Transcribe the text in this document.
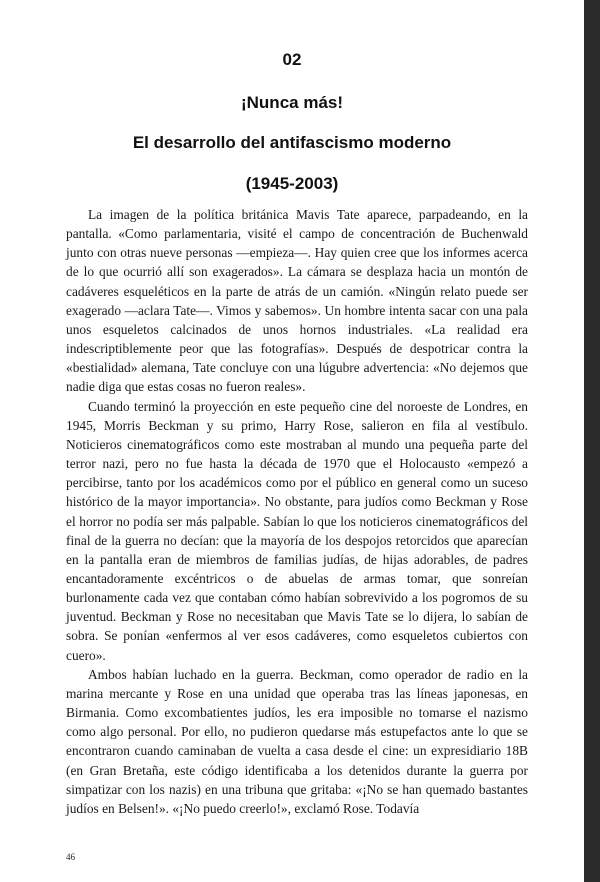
02
¡Nunca más!
El desarrollo del antifascismo moderno
(1945-2003)

La imagen de la política británica Mavis Tate aparece, parpadeando, en la pantalla. «Como parlamentaria, visité el campo de concentración de Buchenwald junto con otras nueve personas —empieza—. Hay quien cree que los informes acerca de lo que ocurrió allí son exagerados». La cámara se desplaza hacia un montón de cadáveres esqueléticos en la parte de atrás de un camión. «Ningún relato puede ser exagerado —aclara Tate—. Vimos y sabemos». Un hombre intenta sacar con una pala unos esqueletos calcinados de unos hornos industriales. «La realidad era indescriptiblemente peor que las fotografías». Después de despotricar contra la «bestialidad» alemana, Tate concluye con una lúgubre advertencia: «No dejemos que nadie diga que estas cosas no fueron reales».

Cuando terminó la proyección en este pequeño cine del noroeste de Londres, en 1945, Morris Beckman y su primo, Harry Rose, salieron en fila al vestíbulo. Noticieros cinematográficos como este mostraban al mundo una pequeña parte del terror nazi, pero no fue hasta la década de 1970 que el Holocausto «empezó a percibirse, tanto por los académicos como por el público en general como un suceso histórico de la mayor importancia». No obstante, para judíos como Beckman y Rose el horror no podía ser más palpable. Sabían lo que los noticieros cinematográficos del final de la guerra no decían: que la mayoría de los despojos retorcidos que aparecían en la pantalla eran de miembros de familias judías, de hijas adorables, de padres encantadoramente excéntricos o de abuelas de armas tomar, que sonreían burlonamente cada vez que contaban cómo habían sobrevivido a los pogromos de su juventud. Beckman y Rose no necesitaban que Mavis Tate se lo dijera, lo sabían de sobra. Se ponían «enfermos al ver esos cadáveres, como esqueletos cubiertos con cuero».

Ambos habían luchado en la guerra. Beckman, como operador de radio en la marina mercante y Rose en una unidad que operaba tras las líneas japonesas, en Birmania. Como excombatientes judíos, les era imposible no tomarse el nazismo como algo personal. Por ello, no pudieron quedarse más estupefactos ante lo que se encontraron cuando caminaban de vuelta a casa desde el cine: un expresidiario 18B (en Gran Bretaña, este código identificaba a los detenidos durante la guerra por simpatizar con los nazis) en una tribuna que gritaba: «¡No se han quemado bastantes judíos en Belsen!». «¡No puedo creerlo!», exclamó Rose. Todavía

46
